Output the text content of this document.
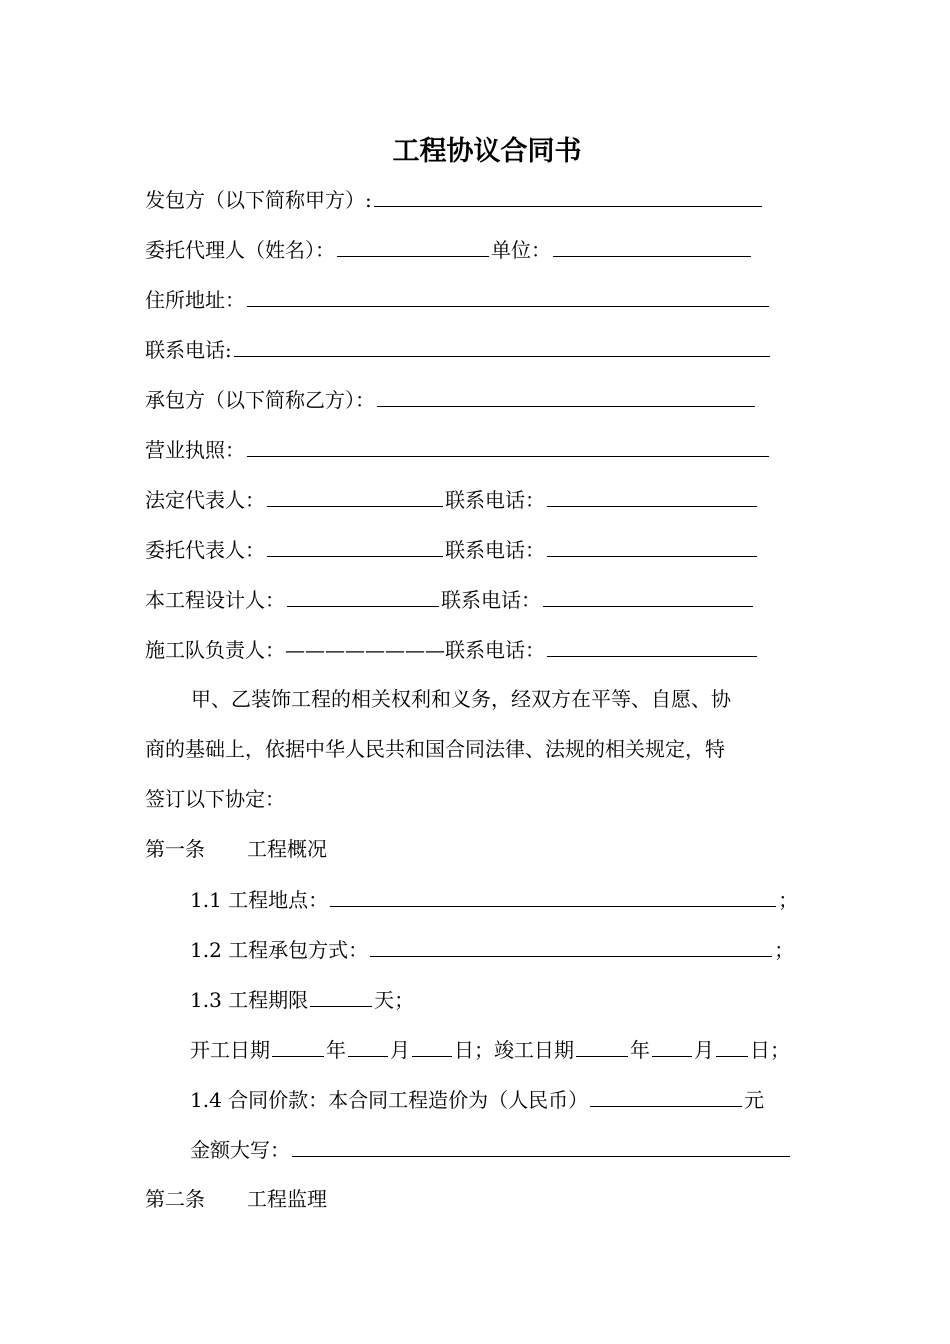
工程协议合同书
发包方（以下简称甲方）:
委托代理人（姓名）：	单位：
住所地址：
联系电话:
承包方（以下简称乙方）：
营业执照：
法定代表人：	联系电话：
委托代表人：	联系电话：
本工程设计人：	联系电话：
施工队负责人：————————联系电话：
甲、乙装饰工程的相关权利和义务，经双方在平等、自愿、协
商的基础上，依据中华人民共和国合同法律、法规的相关规定，特
签订以下协定：
第一条 工程概况
1.1 工程地点：	；
1.2 工程承包方式：	；
1.3 工程期限	天；
开工日期	年 月 日；竣工日期	年 月 日；
1.4 合同价款：本合同工程造价为（人民币）	元
金额大写：
第二条 工程监理
